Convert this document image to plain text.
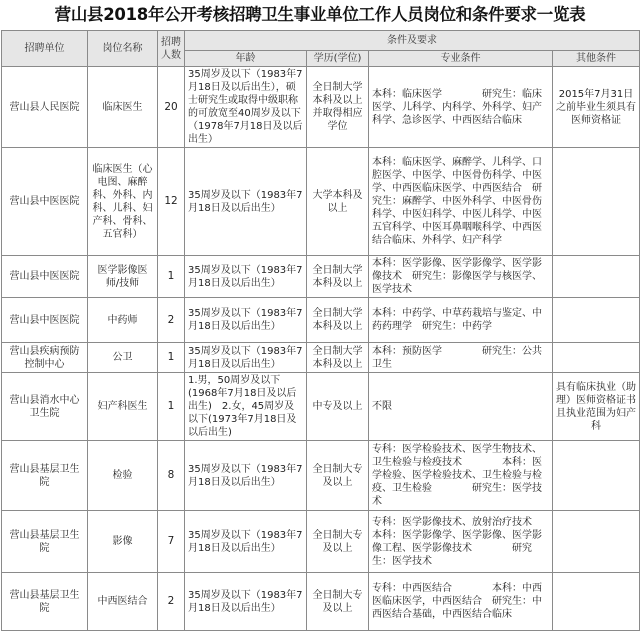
营山县2018年公开考核招聘卫生事业单位工作人员岗位和条件要求一览表
招聘单位	岗位名称	招聘人数	条件及要求			
			年龄	学历(学位)	专业条件	其他条件
营山县人民医院	临床医生	20	35周岁及以下（1983年7月18日及以后出生），硕士研究生或取得中级职称的可放宽至40周岁及以下（1978年7月18日及以后出生）	全日制大学本科及以上并取得相应学位	本科：临床医学　　　　研究生：临床医学、儿科学、内科学、外科学、妇产科学、急诊医学、中西医结合临床	2015年7月31日之前毕业生须具有医师资格证
营山县中医医院	临床医生（心电图、麻醉科、外科、内科、儿科、妇产科、骨科、五官科）	12	35周岁及以下（1983年7月18日及以后出生）	大学本科及以上	本科：临床医学、麻醉学、儿科学、口腔医学、中医学、中医骨伤科学、中医学、中西医临床医学、中西医结合　研究生：麻醉学、中医外科学、中医骨伤科学、中医妇科学、中医儿科学、中医五官科学、中医耳鼻咽喉科学、中西医结合临床、外科学、妇产科学	
营山县中医医院	医学影像医师/技师	1	35周岁及以下（1983年7月18日及以后出生）	全日制大学本科及以上	本科：医学影像、医学影像学、医学影像技术　研究生：影像医学与核医学、医学技术	
营山县中医医院	中药师	2	35周岁及以下（1983年7月18日及以后出生）	全日制大学本科及以上	本科：中药学、中草药栽培与鉴定、中药药理学　研究生：中药学	
营山县疾病预防控制中心	公卫	1	35周岁及以下（1983年7月18日及以后出生）	全日制大学本科及以上	本科：预防医学　　　　研究生：公共卫生	
营山县消水中心卫生院	妇产科医生	1	1.男，50周岁及以下(1968年7月18日及以后出生)　2.女，45周岁及以下(1973年7月18日及以后出生)	中专及以上	不限	具有临床执业（助理）医师资格证书且执业范围为妇产科
营山县基层卫生院	检验	8	35周岁及以下（1983年7月18日及以后出生）	全日制大专及以上	专科：医学检验技术、医学生物技术、卫生检验与检疫技术　　　　本科：医学检验、医学检验技术、卫生检验与检疫、卫生检验　　　　研究生：医学技术	
营山县基层卫生院	影像	7	35周岁及以下（1983年7月18日及以后出生）	全日制大专及以上	专科：医学影像技术、放射治疗技术　本科：医学影像学、医学影像、医学影像工程、医学影像技术　　　　研究生：医学技术	
营山县基层卫生院	中西医结合	2	35周岁及以下（1983年7月18日及以后出生）	全日制大专及以上	专科：中西医结合　　　　本科：中西医临床医学，中西医结合　研究生：中西医结合基础，中西医结合临床	
